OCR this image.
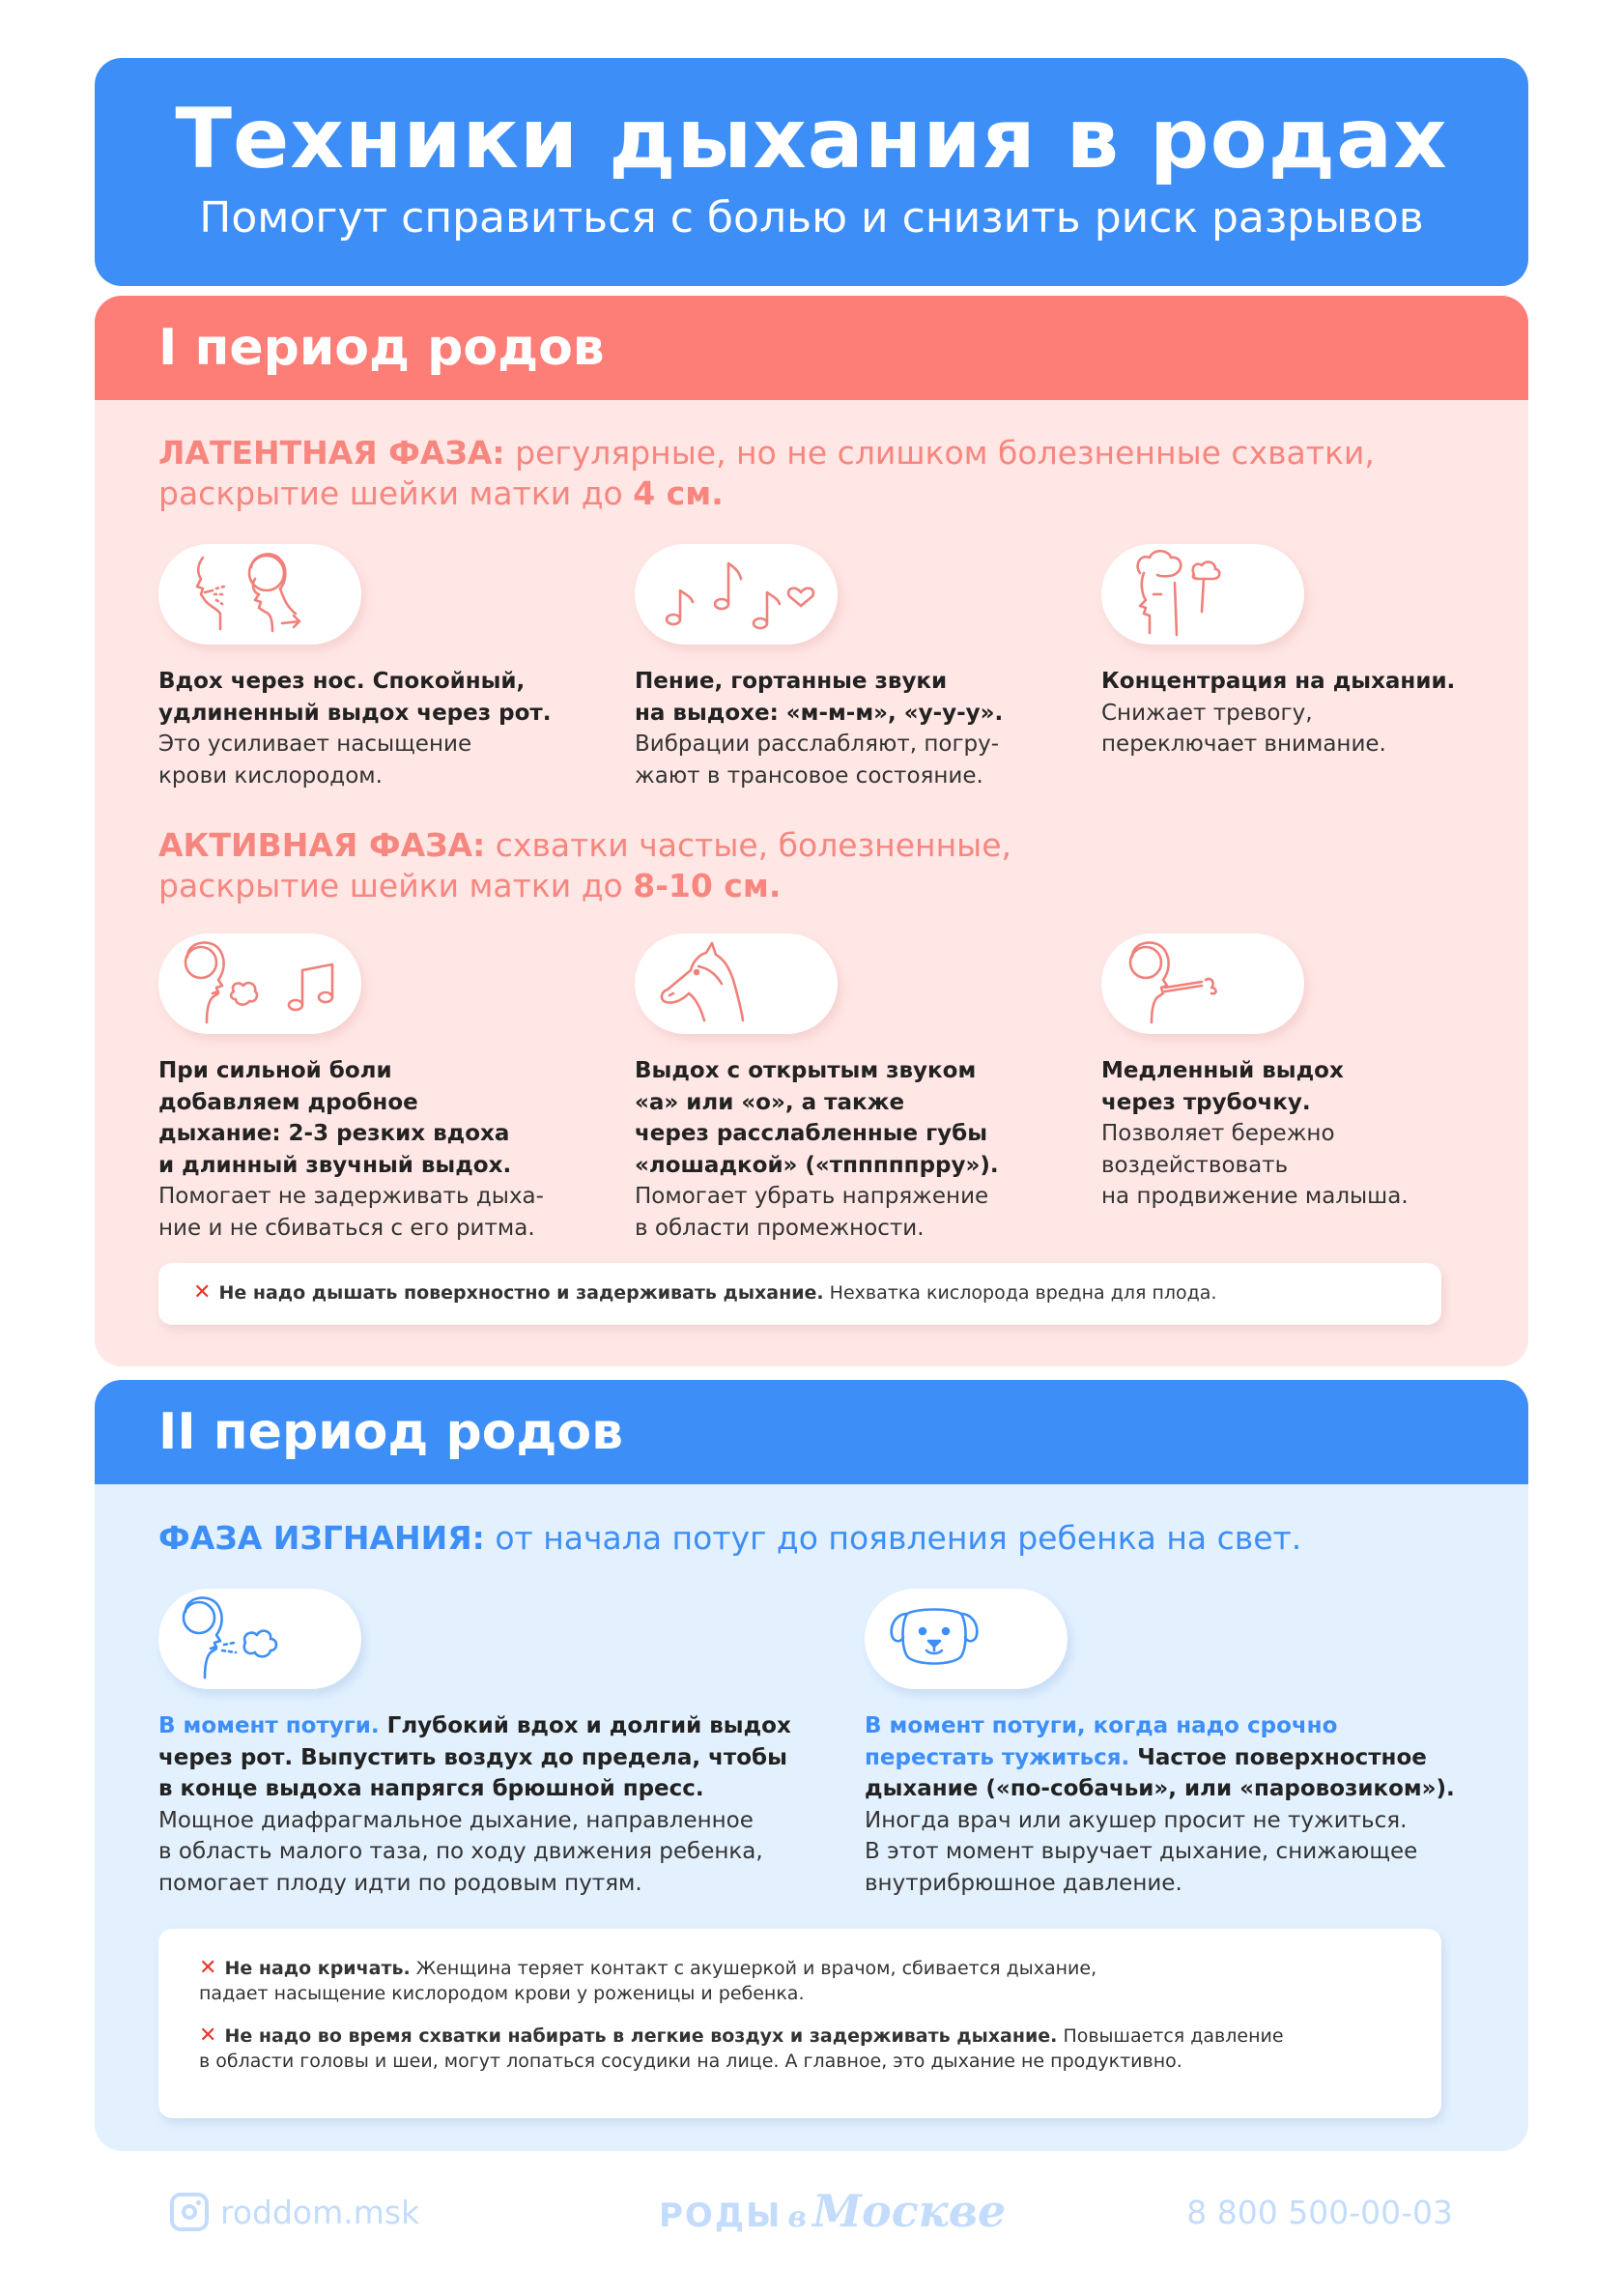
Техники дыхания в родах
Помогут справиться с болью и снизить риск разрывов
I период родов
ЛАТЕНТНАЯ ФАЗА: регулярные, но не слишком болезненные схватки,
раскрытие шейки матки до 4 см.
Вдох через нос. Спокойный,
удлиненный выдох через рот.
Это усиливает насыщение
крови кислородом.
Пение, гортанные звуки
на выдохе: «м-м-м», «у-у-у».
Вибрации расслабляют, погру-
жают в трансовое состояние.
Концентрация на дыхании.
Снижает тревогу,
переключает внимание.
АКТИВНАЯ ФАЗА: схватки частые, болезненные,
раскрытие шейки матки до 8-10 см.
При сильной боли
добавляем дробное
дыхание: 2-3 резких вдоха
и длинный звучный выдох.
Помогает не задерживать дыха-
ние и не сбиваться с его ритма.
Выдох с открытым звуком
«а» или «о», а также
через расслабленные губы
«лошадкой» («тпппппрру»).
Помогает убрать напряжение
в области промежности.
Медленный выдох
через трубочку.
Позволяет бережно
воздействовать
на продвижение малыша.
✕ Не надо дышать поверхностно и задерживать дыхание. Нехватка кислорода вредна для плода.
II период родов
ФАЗА ИЗГНАНИЯ: от начала потуг до появления ребенка на свет.
В момент потуги. Глубокий вдох и долгий выдох
через рот. Выпустить воздух до предела, чтобы
в конце выдоха напрягся брюшной пресс.
Мощное диафрагмальное дыхание, направленное
в область малого таза, по ходу движения ребенка,
помогает плоду идти по родовым путям.
В момент потуги, когда надо срочно
перестать тужиться. Частое поверхностное
дыхание («по-собачьи», или «паровозиком»).
Иногда врач или акушер просит не тужиться.
В этот момент выручает дыхание, снижающее
внутрибрюшное давление.
✕ Не надо кричать. Женщина теряет контакт с акушеркой и врачом, сбивается дыхание,
падает насыщение кислородом крови у роженицы и ребенка.
✕ Не надо во время схватки набирать в легкие воздух и задерживать дыхание. Повышается давление
в области головы и шеи, могут лопаться сосудики на лице. А главное, это дыхание не продуктивно.
roddom.msk	РОДЫ в Москве	8 800 500-00-03
